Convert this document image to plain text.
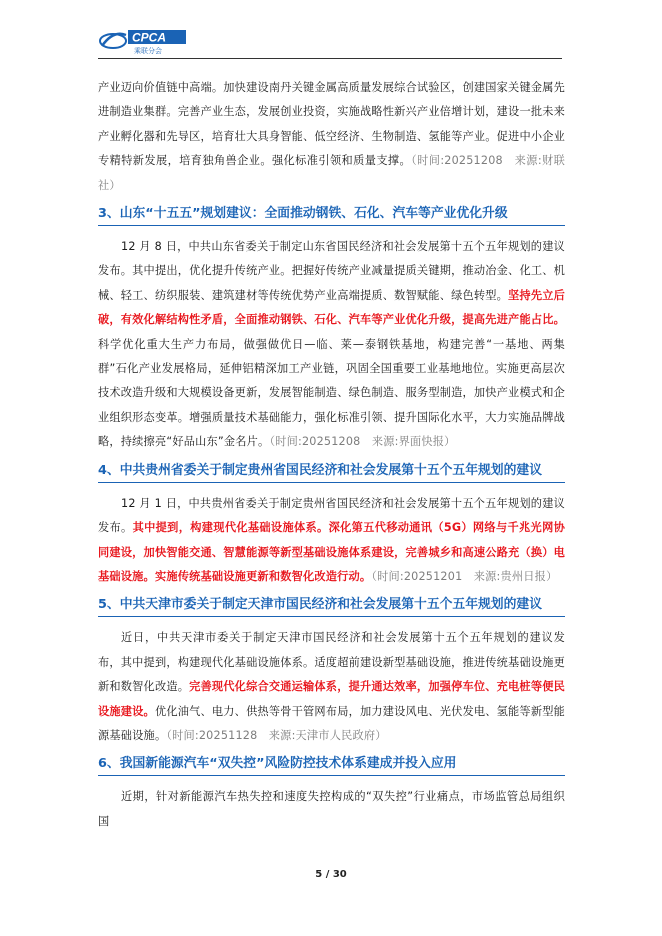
CPCA
乘联分会

产业迈向价值链中高端。加快建设南丹关键金属高质量发展综合试验区，创建国家关键金属先进制造业集群。完善产业生态，发展创业投资，实施战略性新兴产业倍增计划，建设一批未来产业孵化器和先导区，培育壮大具身智能、低空经济、生物制造、氢能等产业。促进中小企业专精特新发展，培育独角兽企业。强化标准引领和质量支撑。（时间:20251208　来源:财联社）

3、山东“十五五”规划建议：全面推动钢铁、石化、汽车等产业优化升级

12 月 8 日，中共山东省委关于制定山东省国民经济和社会发展第十五个五年规划的建议发布。其中提出，优化提升传统产业。把握好传统产业减量提质关键期，推动冶金、化工、机械、轻工、纺织服装、建筑建材等传统优势产业高端提质、数智赋能、绿色转型。坚持先立后破，有效化解结构性矛盾，全面推动钢铁、石化、汽车等产业优化升级，提高先进产能占比。科学优化重大生产力布局，做强做优日—临、莱—泰钢铁基地，构建完善“一基地、两集群”石化产业发展格局，延伸铝精深加工产业链，巩固全国重要工业基地地位。实施更高层次技术改造升级和大规模设备更新，发展智能制造、绿色制造、服务型制造，加快产业模式和企业组织形态变革。增强质量技术基础能力，强化标准引领、提升国际化水平，大力实施品牌战略，持续擦亮“好品山东”金名片。（时间:20251208　来源:界面快报）

4、中共贵州省委关于制定贵州省国民经济和社会发展第十五个五年规划的建议

12 月 1 日，中共贵州省委关于制定贵州省国民经济和社会发展第十五个五年规划的建议发布。其中提到，构建现代化基础设施体系。深化第五代移动通讯（5G）网络与千兆光网协同建设，加快智能交通、智慧能源等新型基础设施体系建设，完善城乡和高速公路充（换）电基础设施。实施传统基础设施更新和数智化改造行动。（时间:20251201　来源:贵州日报）

5、中共天津市委关于制定天津市国民经济和社会发展第十五个五年规划的建议

近日，中共天津市委关于制定天津市国民经济和社会发展第十五个五年规划的建议发布，其中提到，构建现代化基础设施体系。适度超前建设新型基础设施，推进传统基础设施更新和数智化改造。完善现代化综合交通运输体系，提升通达效率，加强停车位、充电桩等便民设施建设。优化油气、电力、供热等骨干管网布局，加力建设风电、光伏发电、氢能等新型能源基础设施。（时间:20251128　来源:天津市人民政府）

6、我国新能源汽车“双失控”风险防控技术体系建成并投入应用

近期，针对新能源汽车热失控和速度失控构成的“双失控”行业痛点，市场监管总局组织国

5 / 30
